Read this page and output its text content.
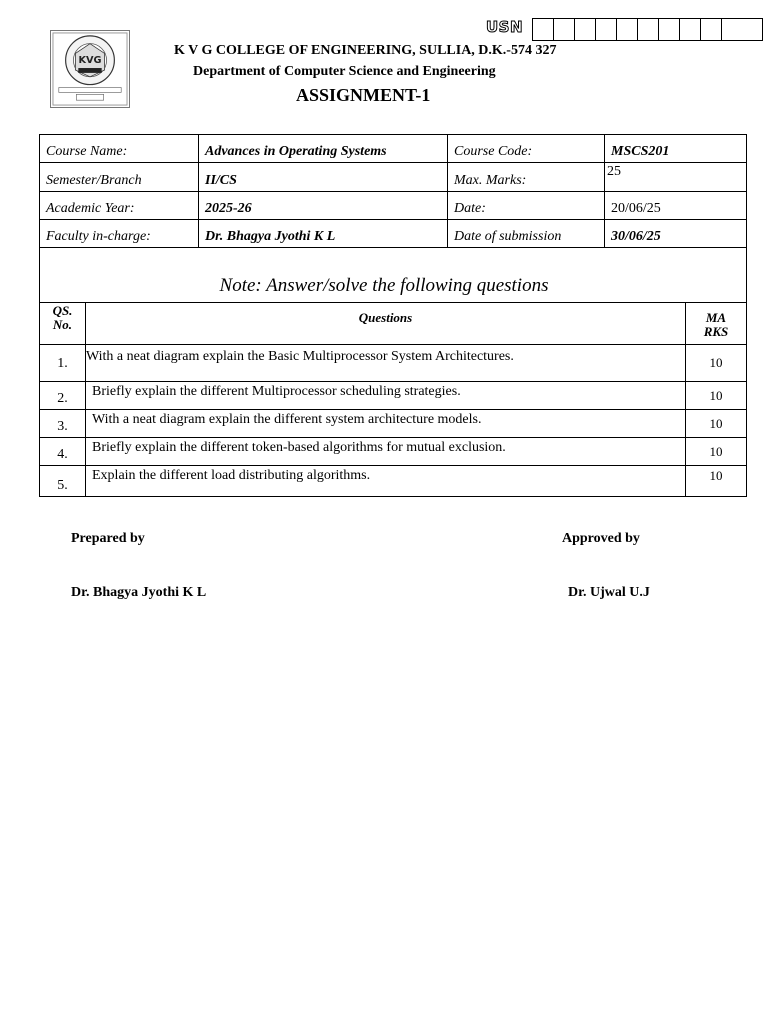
USN
KVG
K V G COLLEGE OF ENGINEERING, SULLIA, D.K.-574 327
Department of Computer Science and Engineering
ASSIGNMENT-1
Course Name:	Advances in Operating Systems	Course Code:	MSCS201
Semester/Branch	II/CS	Max. Marks:	25
Academic Year:	2025-26	Date:	20/06/25
Faculty in-charge:	Dr. Bhagya Jyothi K L	Date of submission	30/06/25
Note: Answer/solve the following questions
QS.
No.	Questions	MA
RKS
1.	With a neat diagram explain the Basic Multiprocessor System Architectures.	10
2.	Briefly explain the different Multiprocessor scheduling strategies.	10
3.	With a neat diagram explain the different system architecture models.	10
4.	Briefly explain the different token-based algorithms for mutual exclusion.	10
5.	Explain the different load distributing algorithms.	10
Prepared by	Approved by
Dr. Bhagya Jyothi K L	Dr. Ujwal U.J
